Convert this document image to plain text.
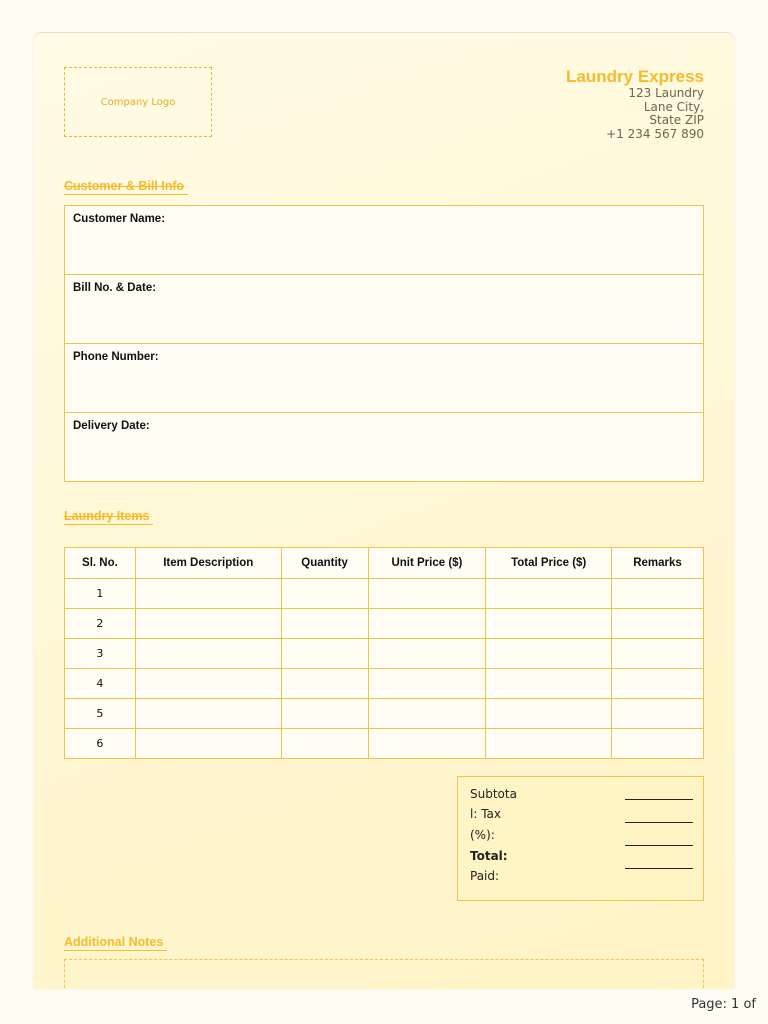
Company Logo
Laundry Express
123 Laundry
Lane City,
State ZIP
+1 234 567 890
Customer & Bill Info
Customer Name:
Bill No. & Date:
Phone Number:
Delivery Date:
Laundry Items
Sl. No.	Item Description	Quantity	Unit Price ($)	Total Price ($)	Remarks
1					
2					
3					
4					
5					
6					
Subtota
l: Tax
(%):
Total:
Paid:
Additional Notes
Page: 1 of
